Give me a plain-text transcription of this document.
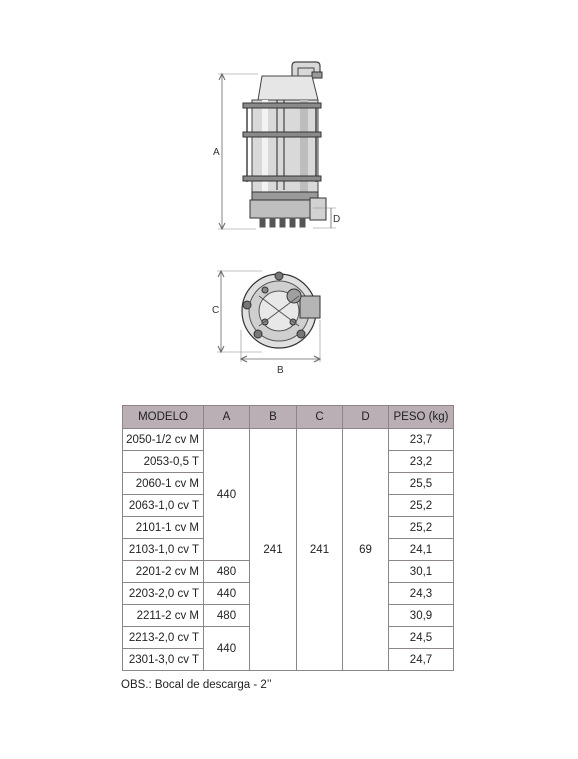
A
D
C
B
MODELO	A	B	C	D	PESO (kg)
2050-1/2 cv M	440	241	241	69	23,7
2053-0,5 T					23,2
2060-1 cv M					25,5
2063-1,0 cv T					25,2
2101-1 cv M					25,2
2103-1,0 cv T					24,1
2201-2 cv M	480				30,1
2203-2,0 cv T	440				24,3
2211-2 cv M	480				30,9
2213-2,0 cv T	440				24,5
2301-3,0 cv T					24,7
OBS.: Bocal de descarga - 2’’
